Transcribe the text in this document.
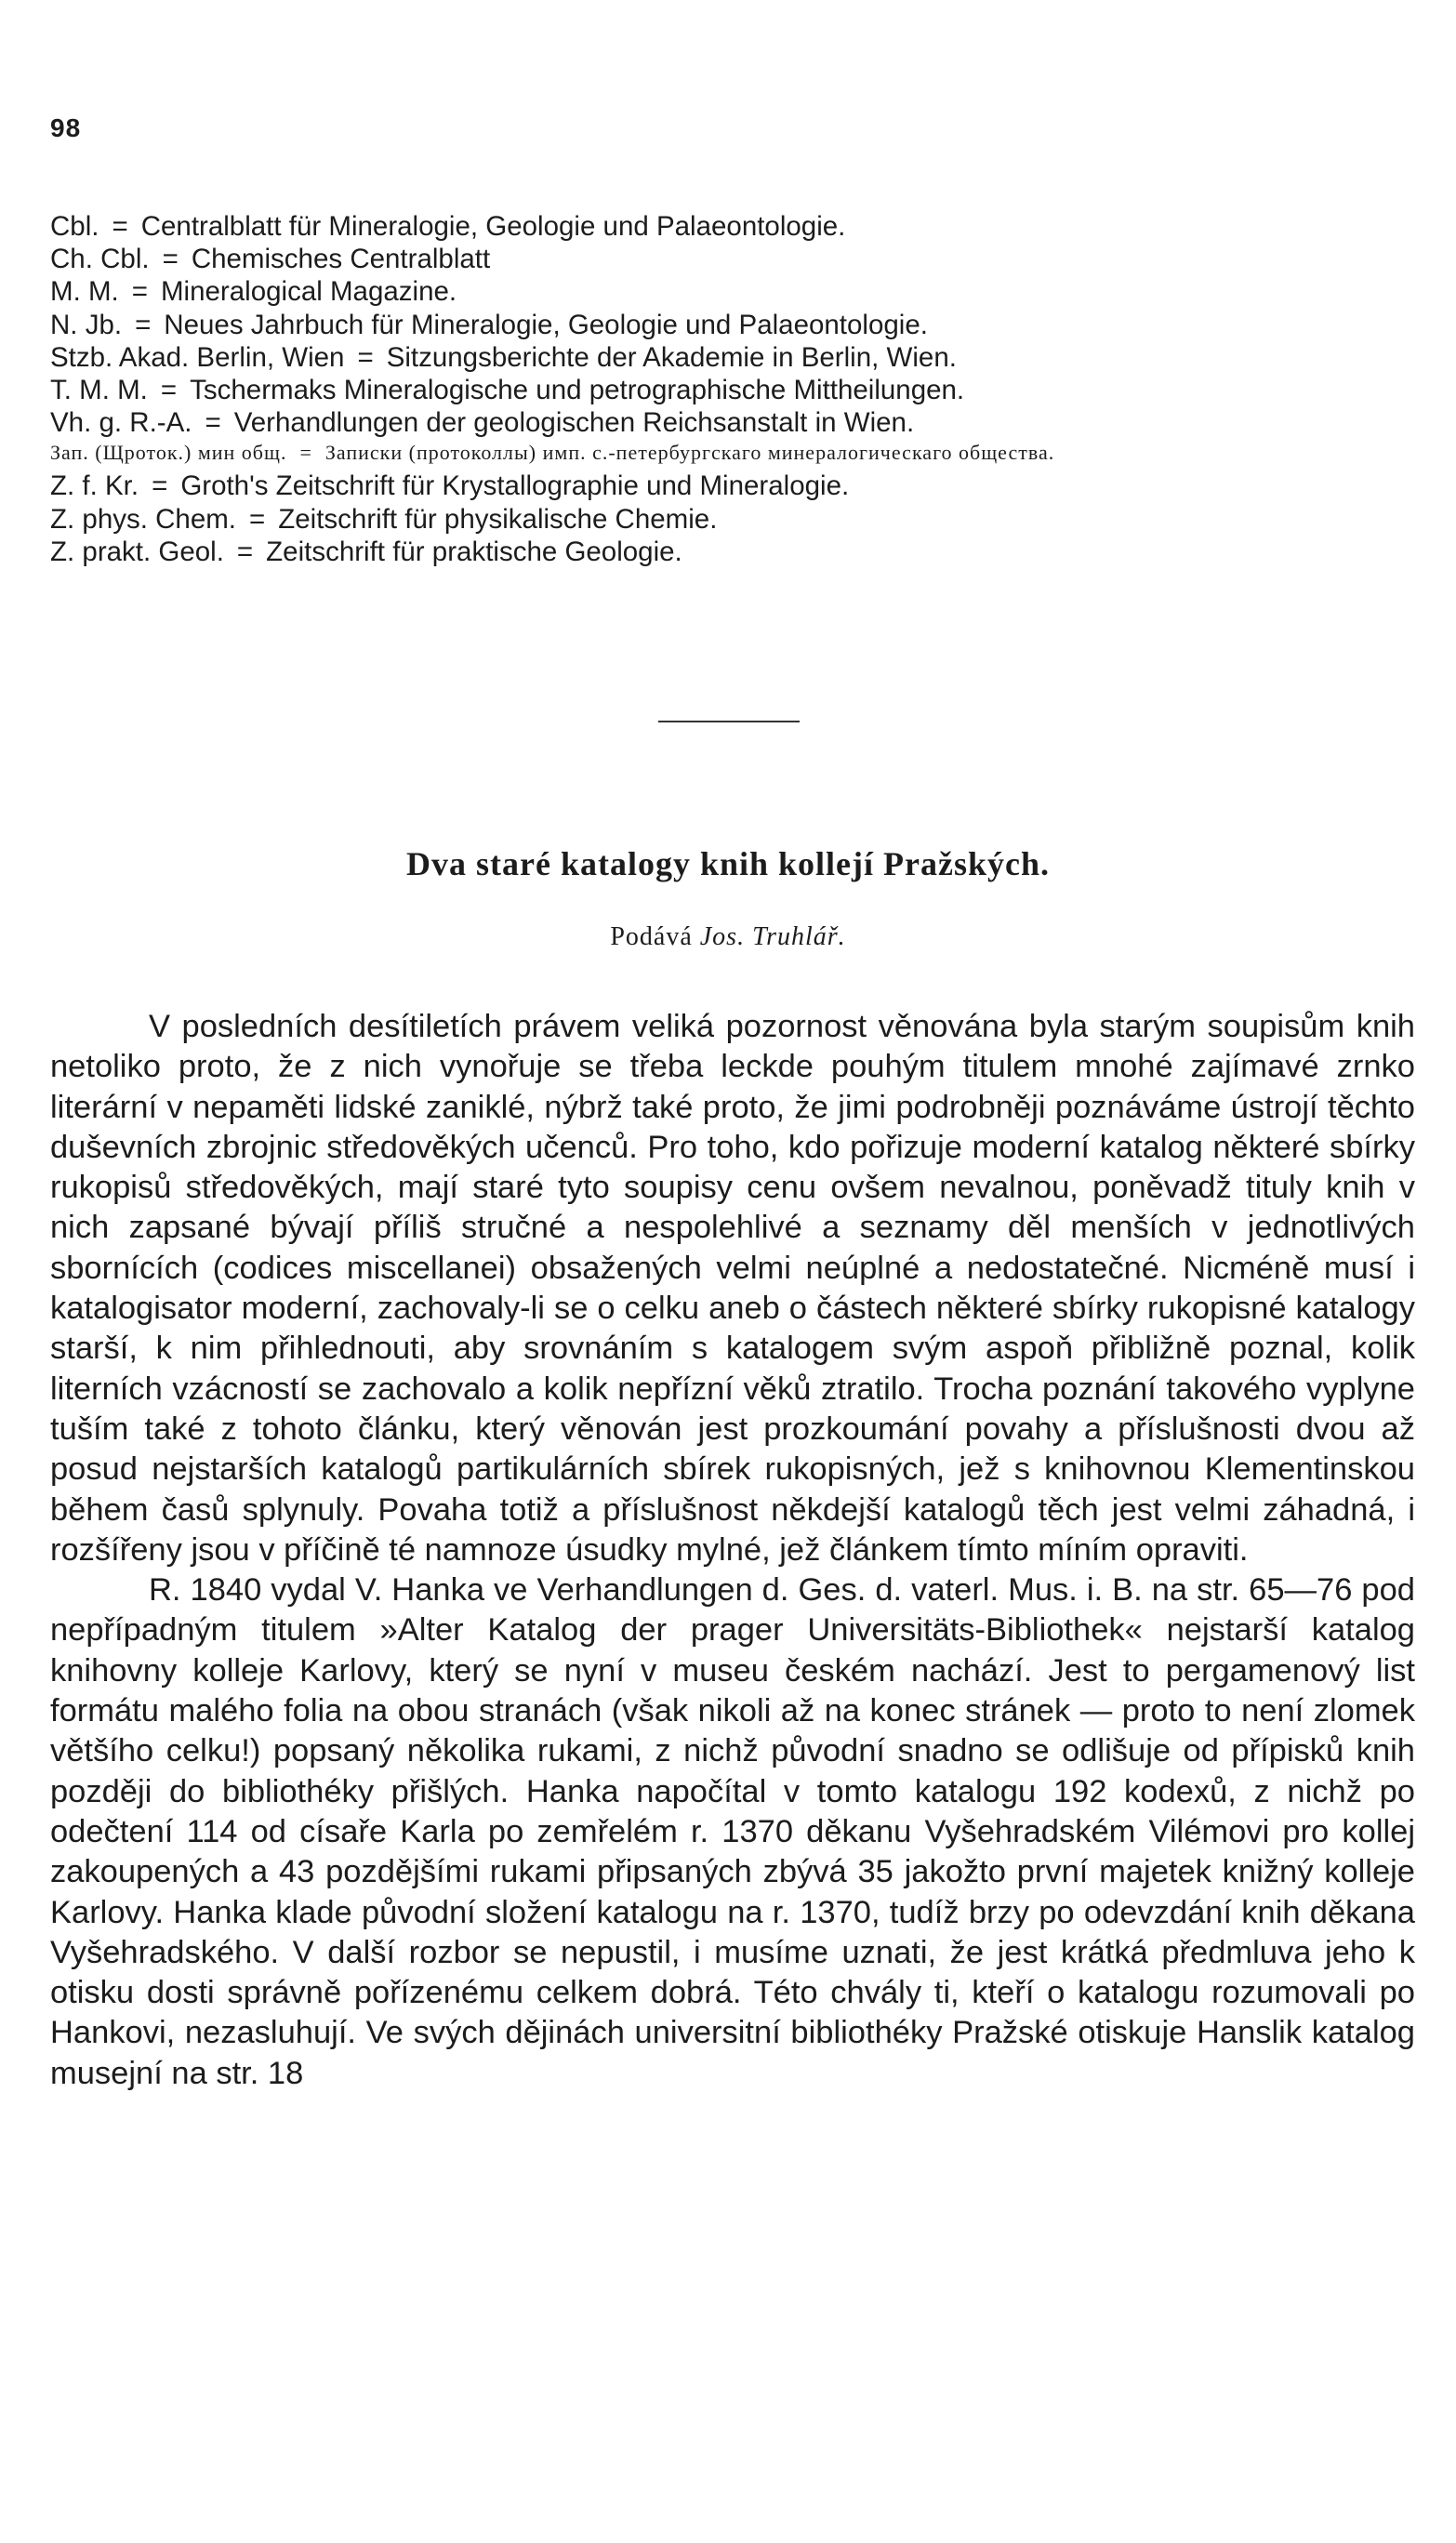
98
Cbl. = Centralblatt für Mineralogie, Geologie und Palaeontologie.
Ch. Cbl. = Chemisches Centralblatt
M. M. = Mineralogical Magazine.
N. Jb. = Neues Jahrbuch für Mineralogie, Geologie und Palaeontologie.
Stzb. Akad. Berlin, Wien = Sitzungsberichte der Akademie in Berlin, Wien.
T. M. M. = Tschermaks Mineralogische und petrographische Mittheilungen.
Vh. g. R.-A. = Verhandlungen der geologischen Reichsanstalt in Wien.
Зап. (Щроток.) мин общ. = Записки (протоколлы) имп. с.-петербургскаго минералогическаго общества.
Z. f. Kr. = Groth's Zeitschrift für Krystallographie und Mineralogie.
Z. phys. Chem. = Zeitschrift für physikalische Chemie.
Z. prakt. Geol. = Zeitschrift für praktische Geologie.
Dva staré katalogy knih kollejí Pražských.
Podává Jos. Truhlář.

V posledních desítiletích právem veliká pozornost věnována byla starým soupisům knih netoliko proto, že z nich vynořuje se třeba leckde pouhým titulem mnohé zajímavé zrnko literární v nepaměti lidské zaniklé, nýbrž také proto, že jimi podrobněji poznáváme ústrojí těchto duševních zbrojnic středověkých učenců. Pro toho, kdo pořizuje moderní katalog některé sbírky rukopisů středověkých, mají staré tyto soupisy cenu ovšem nevalnou, poněvadž tituly knih v nich zapsané bývají příliš stručné a nespolehlivé a seznamy děl menších v jednotlivých sbornících (codices miscellanei) obsažených velmi neúplné a nedostatečné. Nicméně musí i katalogisator moderní, zachovaly-li se o celku aneb o částech některé sbírky rukopisné katalogy starší, k nim přihlednouti, aby srovnáním s katalogem svým aspoň přibližně poznal, kolik literních vzácností se zachovalo a kolik nepřízní věků ztratilo. Trocha poznání takového vyplyne tuším také z tohoto článku, který věnován jest prozkoumání povahy a příslušnosti dvou až posud nejstarších katalogů partikulárních sbírek rukopisných, jež s knihovnou Klementinskou během časů splynuly. Povaha totiž a příslušnost někdejší katalogů těch jest velmi záhadná, i rozšířeny jsou v příčině té namnoze úsudky mylné, jež článkem tímto míním opraviti.

R. 1840 vydal V. Hanka ve Verhandlungen d. Ges. d. vaterl. Mus. i. B. na str. 65—76 pod nepřípadným titulem »Alter Katalog der prager Universitäts-Bibliothek« nejstarší katalog knihovny kolleje Karlovy, který se nyní v museu českém nachází. Jest to pergamenový list formátu malého folia na obou stranách (však nikoli až na konec stránek — proto to není zlomek většího celku!) popsaný několika rukami, z nichž původní snadno se odlišuje od přípisků knih později do bibliothéky přišlých. Hanka napočítal v tomto katalogu 192 kodexů, z nichž po odečtení 114 od císaře Karla po zemřelém r. 1370 děkanu Vyšehradském Vilémovi pro kollej zakoupených a 43 pozdějšími rukami připsaných zbývá 35 jakožto první majetek knižný kolleje Karlovy. Hanka klade původní složení katalogu na r. 1370, tudíž brzy po odevzdání knih děkana Vyšehradského. V další rozbor se nepustil, i musíme uznati, že jest krátká předmluva jeho k otisku dosti správně pořízenému celkem dobrá. Této chvály ti, kteří o katalogu rozumovali po Hankovi, nezasluhují. Ve svých dějinách universitní bibliothéky Pražské otiskuje Hanslik katalog musejní na str. 18
